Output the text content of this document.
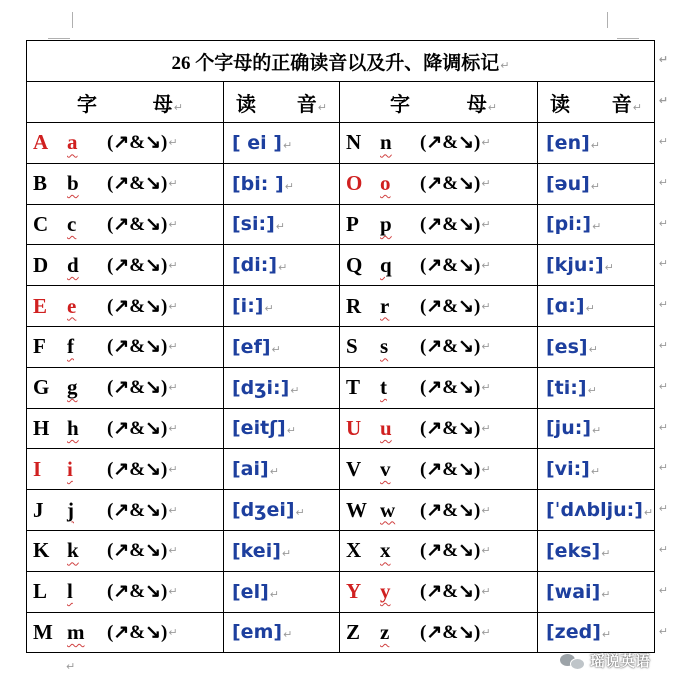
26 个字母的正确读音以及升、降调标记↵ ↵			

字 母↵	读 音↵	字 母↵	读 音↵ ↵

A a (↗&↘) ↵	[ ei ]↵	N n (↗&↘) ↵	[en]↵ ↵

B b (↗&↘) ↵	[bi: ]↵	O o (↗&↘) ↵	[əu]↵ ↵

C c (↗&↘) ↵	[si:]↵	P p (↗&↘) ↵	[pi:]↵ ↵

D d (↗&↘) ↵	[di:]↵	Q q (↗&↘) ↵	[kju:]↵ ↵

E e (↗&↘) ↵	[i:]↵	R r (↗&↘) ↵	[ɑ:]↵ ↵

F f (↗&↘) ↵	[ef]↵	S s (↗&↘) ↵	[es]↵ ↵

G g (↗&↘) ↵	[dʒi:]↵	T t (↗&↘) ↵	[ti:]↵ ↵

H h (↗&↘) ↵	[eitʃ]↵	U u (↗&↘) ↵	[ju:]↵ ↵

I i (↗&↘) ↵	[ai]↵	V v (↗&↘) ↵	[vi:]↵ ↵

J j (↗&↘) ↵	[dʒei]↵	W w (↗&↘) ↵	[ˈdʌblju:]↵ ↵

K k (↗&↘) ↵	[kei]↵	X x (↗&↘) ↵	[eks]↵ ↵

L l (↗&↘) ↵	[el]↵	Y y (↗&↘) ↵	[wai]↵ ↵

M m (↗&↘) ↵	[em]↵	Z z (↗&↘) ↵	[zed]↵ ↵
↵	瑶说英语
